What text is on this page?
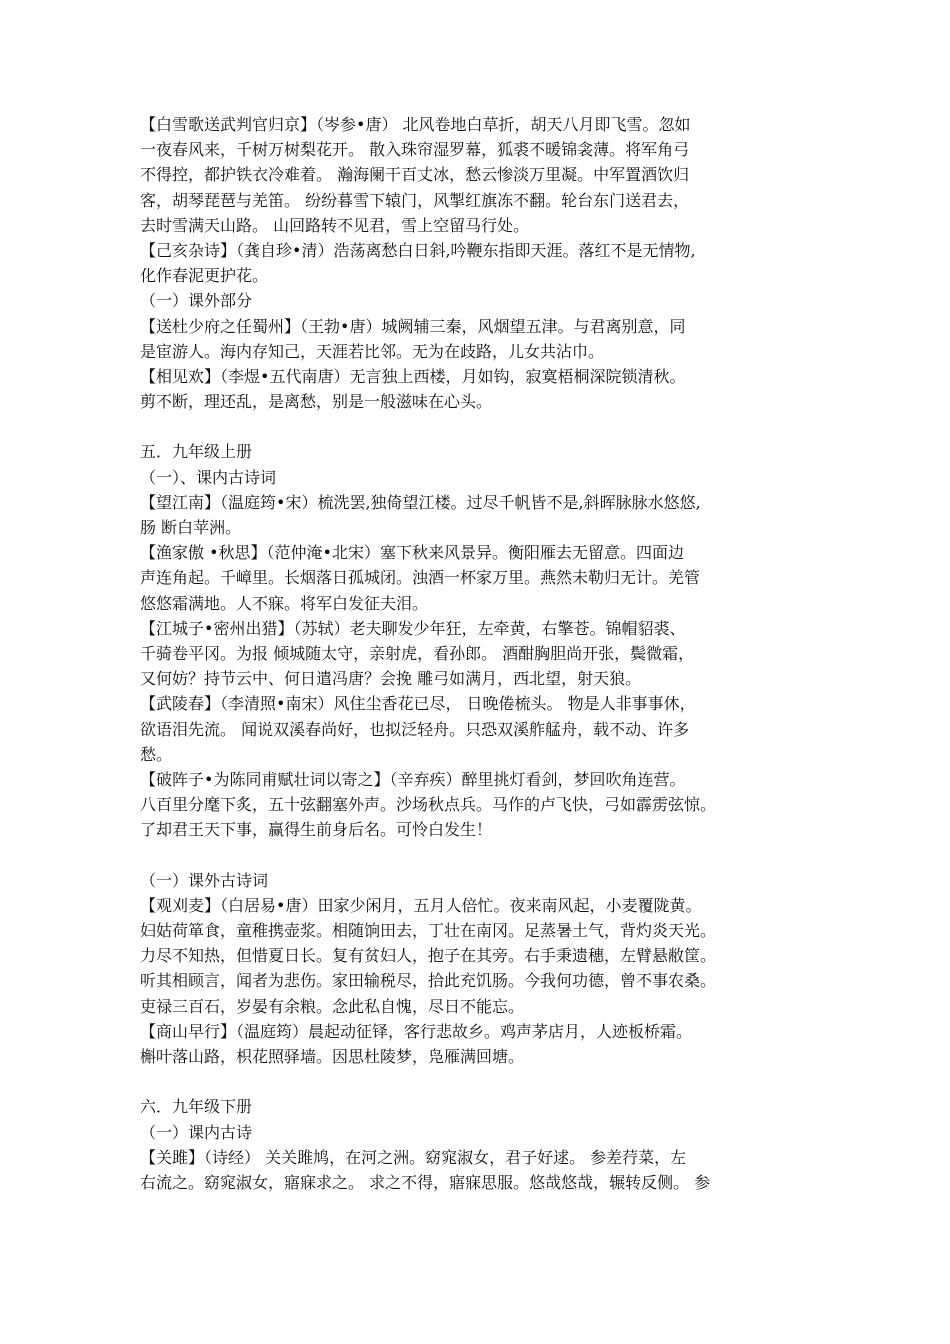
【白雪歌送武判官归京】（岑参•唐） 北风卷地白草折，胡天八月即飞雪。忽如
一夜春风来，千树万树梨花开。 散入珠帘湿罗幕，狐裘不暖锦衾薄。将军角弓
不得控，都护铁衣冷难着。 瀚海阑干百丈冰，愁云惨淡万里凝。中军置酒饮归
客，胡琴琵琶与羌笛。 纷纷暮雪下辕门，风掣红旗冻不翻。轮台东门送君去，
去时雪满天山路。 山回路转不见君，雪上空留马行处。
【己亥杂诗】（龚自珍•清）浩荡离愁白日斜,吟鞭东指即天涯。落红不是无情物,
化作春泥更护花。
（一）课外部分
【送杜少府之任蜀州】（王勃•唐）城阙辅三秦，风烟望五津。与君离别意，同
是宦游人。海内存知己，天涯若比邻。无为在歧路，儿女共沾巾。
【相见欢】（李煜•五代南唐）无言独上西楼，月如钩，寂寞梧桐深院锁清秋。
剪不断，理还乱，是离愁，别是一般滋味在心头。
五．九年级上册
（一）、课内古诗词
【望江南】（温庭筠•宋）梳洗罢,独倚望江楼。过尽千帆皆不是,斜晖脉脉水悠悠,
肠 断白苹洲。
【渔家傲 •秋思】（范仲淹•北宋）塞下秋来风景异。衡阳雁去无留意。四面边
声连角起。千嶂里。长烟落日孤城闭。浊酒一杯家万里。燕然未勒归无计。羌管
悠悠霜满地。人不寐。将军白发征夫泪。
【江城子•密州出猎】（苏轼）老夫聊发少年狂，左牵黄，右擎苍。锦帽貂裘、
千骑卷平冈。为报 倾城随太守，亲射虎，看孙郎。 酒酣胸胆尚开张，鬓微霜，
又何妨？持节云中、何日遣冯唐？会挽 雕弓如满月，西北望，射天狼。
【武陵春】（李清照•南宋）风住尘香花已尽， 日晚倦梳头。 物是人非事事休，
欲语泪先流。 闻说双溪春尚好，也拟泛轻舟。只恐双溪舴艋舟，载不动、许多
愁。
【破阵子•为陈同甫赋壮词以寄之】（辛弃疾）醉里挑灯看剑，梦回吹角连营。
八百里分麾下炙，五十弦翻塞外声。沙场秋点兵。马作的卢飞快，弓如霹雳弦惊。
了却君王天下事，赢得生前身后名。可怜白发生！
（一）课外古诗词
【观刈麦】（白居易•唐）田家少闲月，五月人倍忙。夜来南风起，小麦覆陇黄。
妇姑荷箪食，童稚携壶浆。相随饷田去，丁壮在南冈。足蒸暑土气，背灼炎天光。
力尽不知热，但惜夏日长。复有贫妇人，抱子在其旁。右手秉遗穗，左臂悬敝筐。
听其相顾言，闻者为悲伤。家田输税尽，拾此充饥肠。今我何功德，曾不事农桑。
吏禄三百石，岁晏有余粮。念此私自愧，尽日不能忘。
【商山早行】（温庭筠）晨起动征铎，客行悲故乡。鸡声茅店月，人迹板桥霜。
槲叶落山路，枳花照驿墙。因思杜陵梦，凫雁满回塘。
六．九年级下册
（一）课内古诗
【关雎】（诗经） 关关雎鸠，在河之洲。窈窕淑女，君子好逑。 参差荇菜，左
右流之。窈窕淑女，寤寐求之。 求之不得，寤寐思服。悠哉悠哉，辗转反侧。 参
